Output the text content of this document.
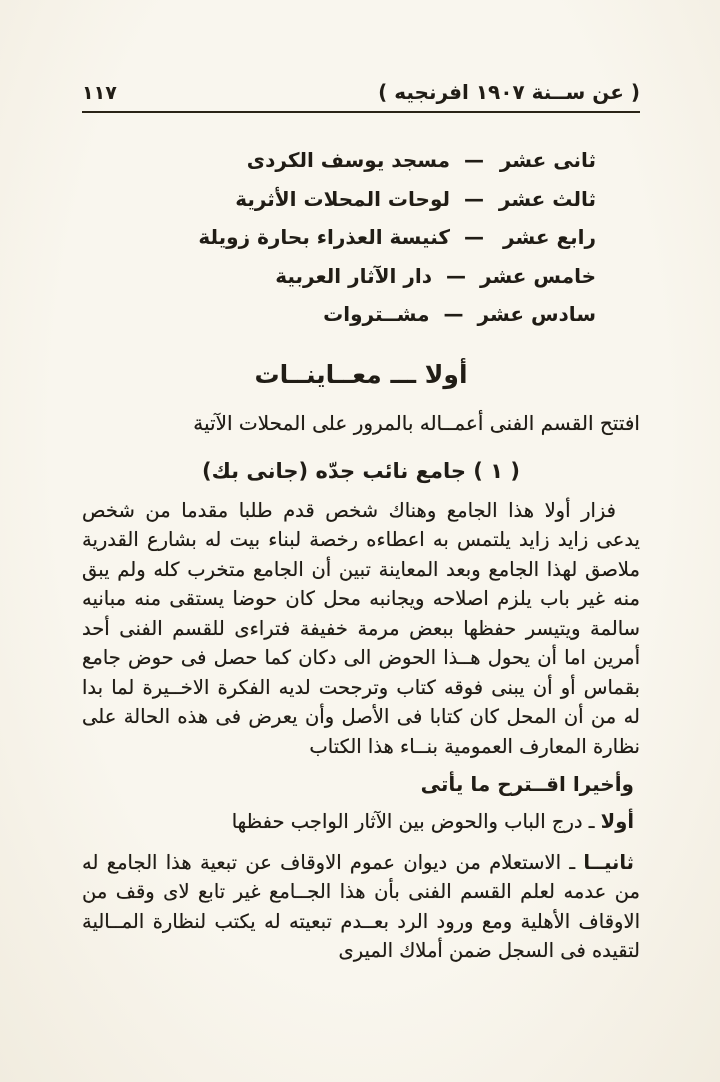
١١٧	( عن ســنة ١٩٠٧ افرنجيه )
ثانى عشر
—
مسجد يوسف الكردى
ثالث عشر
—
لوحات المحلات الأثرية
رابع عشر
—
كنيسة العذراء بحارة زويلة
خامس عشر
—
دار الآثار العربية
سادس عشر
—
مشــتروات
أولا ـــ معــاينــات

افتتح القسم الفنى أعمــاله بالمرور على المحلات الآتية

( ١ ) جامع نائب جدّه (جانى بك)

فزار أولا هذا الجامع وهناك شخص قدم طلبا مقدما من شخص يدعى زايد زايد يلتمس به اعطاءه رخصة لبناء بيت له بشارع القدرية ملاصق لهذا الجامع وبعد المعاينة تبين أن الجامع متخرب كله ولم يبق منه غير باب يلزم اصلاحه ويجانبه محل كان حوضا يستقى منه مبانيه سالمة ويتيسر حفظها ببعض مرمة خفيفة فتراءى للقسم الفنى أحد أمرين اما أن يحول هــذا الحوض الى دكان كما حصل فى حوض جامع بقماس أو أن يبنى فوقه كتاب وترجحت لديه الفكرة الاخــيرة لما بدا له من أن المحل كان كتابا فى الأصل وأن يعرض فى هذه الحالة على نظارة المعارف العمومية بنــاء هذا الكتاب

وأخيرا اقــترح ما يأتى

أولا ـ درج الباب والحوض بين الآثار الواجب حفظها

ثانيــا ـ الاستعلام من ديوان عموم الاوقاف عن تبعية هذا الجامع له من عدمه لعلم القسم الفنى بأن هذا الجــامع غير تابع لاى وقف من الاوقاف الأهلية ومع ورود الرد بعــدم تبعيته له يكتب لنظارة المــالية لتقيده فى السجل ضمن أملاك الميرى
